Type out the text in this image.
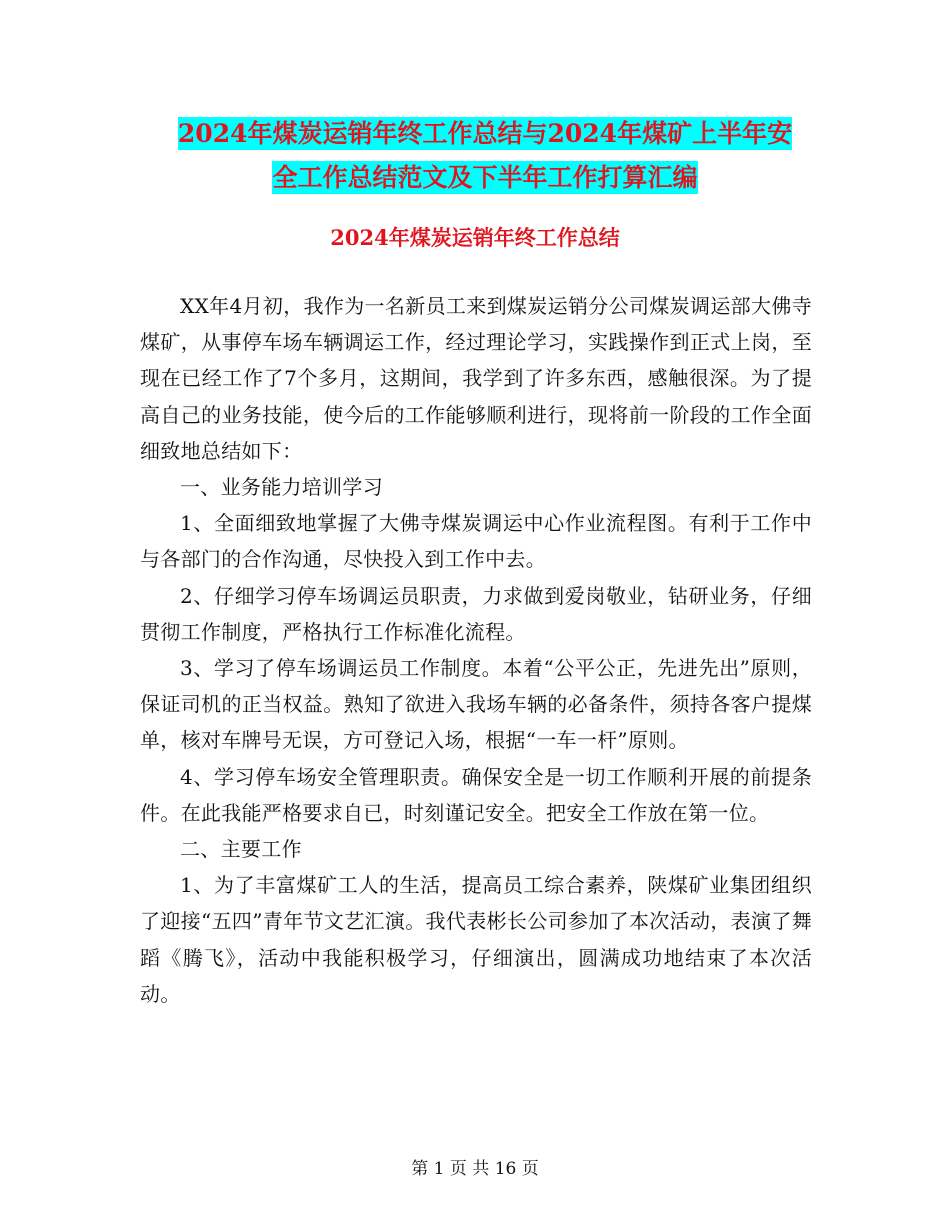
2024年煤炭运销年终工作总结与2024年煤矿上半年安
全工作总结范文及下半年工作打算汇编
2024年煤炭运销年终工作总结

XX年4月初，我作为一名新员工来到煤炭运销分公司煤炭调运部大佛寺煤矿，从事停车场车辆调运工作，经过理论学习，实践操作到正式上岗，至现在已经工作了7个多月，这期间，我学到了许多东西，感触很深。为了提高自己的业务技能，使今后的工作能够顺利进行，现将前一阶段的工作全面细致地总结如下：

一、业务能力培训学习

1、全面细致地掌握了大佛寺煤炭调运中心作业流程图。有利于工作中与各部门的合作沟通，尽快投入到工作中去。

2、仔细学习停车场调运员职责，力求做到爱岗敬业，钻研业务，仔细贯彻工作制度，严格执行工作标准化流程。

3、学习了停车场调运员工作制度。本着“公平公正，先进先出”原则，保证司机的正当权益。熟知了欲进入我场车辆的必备条件，须持各客户提煤单，核对车牌号无误，方可登记入场，根据“一车一杆”原则。

4、学习停车场安全管理职责。确保安全是一切工作顺利开展的前提条件。在此我能严格要求自已，时刻谨记安全。把安全工作放在第一位。

二、主要工作

1、为了丰富煤矿工人的生活，提高员工综合素养，陕煤矿业集团组织了迎接“五四”青年节文艺汇演。我代表彬长公司参加了本次活动，表演了舞蹈《腾飞》，活动中我能积极学习，仔细演出，圆满成功地结束了本次活动。

第 1 页 共 16 页
